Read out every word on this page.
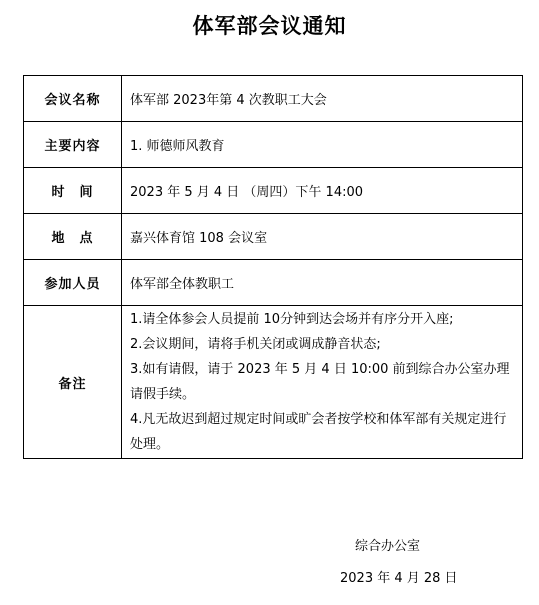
体军部会议通知
会议名称	体军部 2023年第 4 次教职工大会
主要内容	1. 师德师风教育
时　间	2023 年 5 月 4 日 （周四）下午 14:00
地　点	嘉兴体育馆 108 会议室
参加人员	体军部全体教职工
备注	1.请全体参会人员提前 10分钟到达会场并有序分开入座;
2.会议期间，请将手机关闭或调成静音状态;
3.如有请假，请于 2023 年 5 月 4 日 10:00 前到综合办公室办理请假手续。
4.凡无故迟到超过规定时间或旷会者按学校和体军部有关规定进行处理。
综合办公室
2023 年 4 月 28 日
